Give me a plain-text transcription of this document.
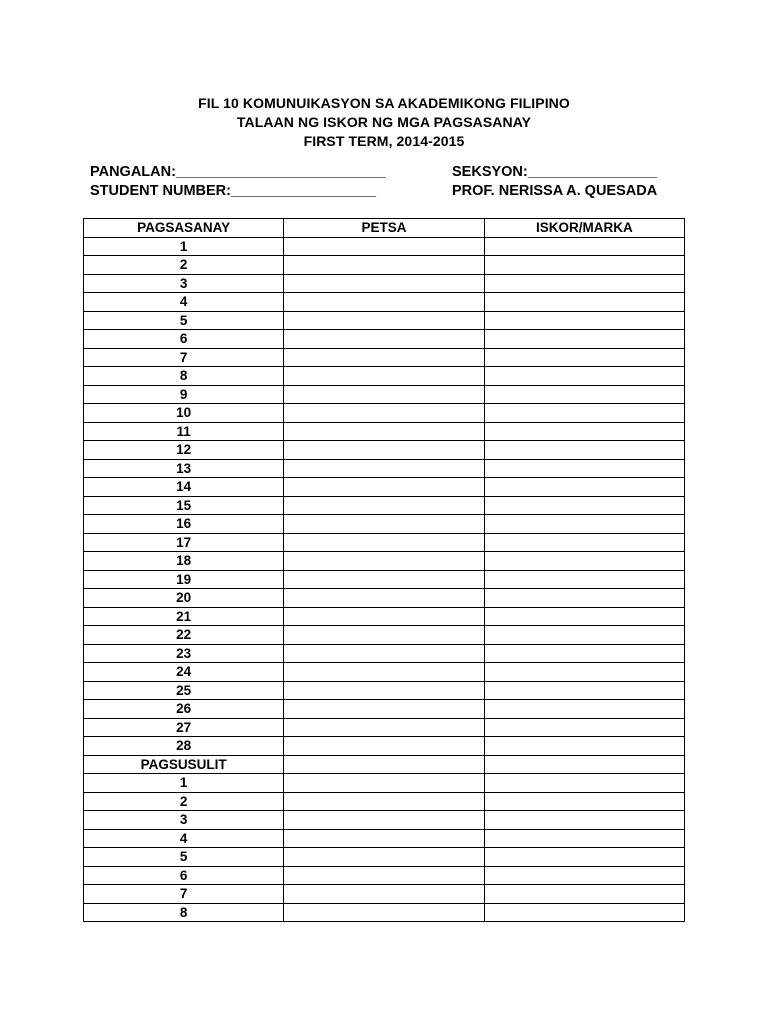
FIL 10 KOMUNUIKASYON SA AKADEMIKONG FILIPINO
TALAAN NG ISKOR NG MGA PAGSASANAY
FIRST TERM, 2014-2015
PANGALAN:__________________________
STUDENT NUMBER:__________________
SEKSYON:________________
PROF. NERISSA A. QUESADA
PAGSASANAY	PETSA	ISKOR/MARKA
1		
2		
3		
4		
5		
6		
7		
8		
9		
10		
11		
12		
13		
14		
15		
16		
17		
18		
19		
20		
21		
22		
23		
24		
25		
26		
27		
28		
PAGSUSULIT		
1		
2		
3		
4		
5		
6		
7		
8		
